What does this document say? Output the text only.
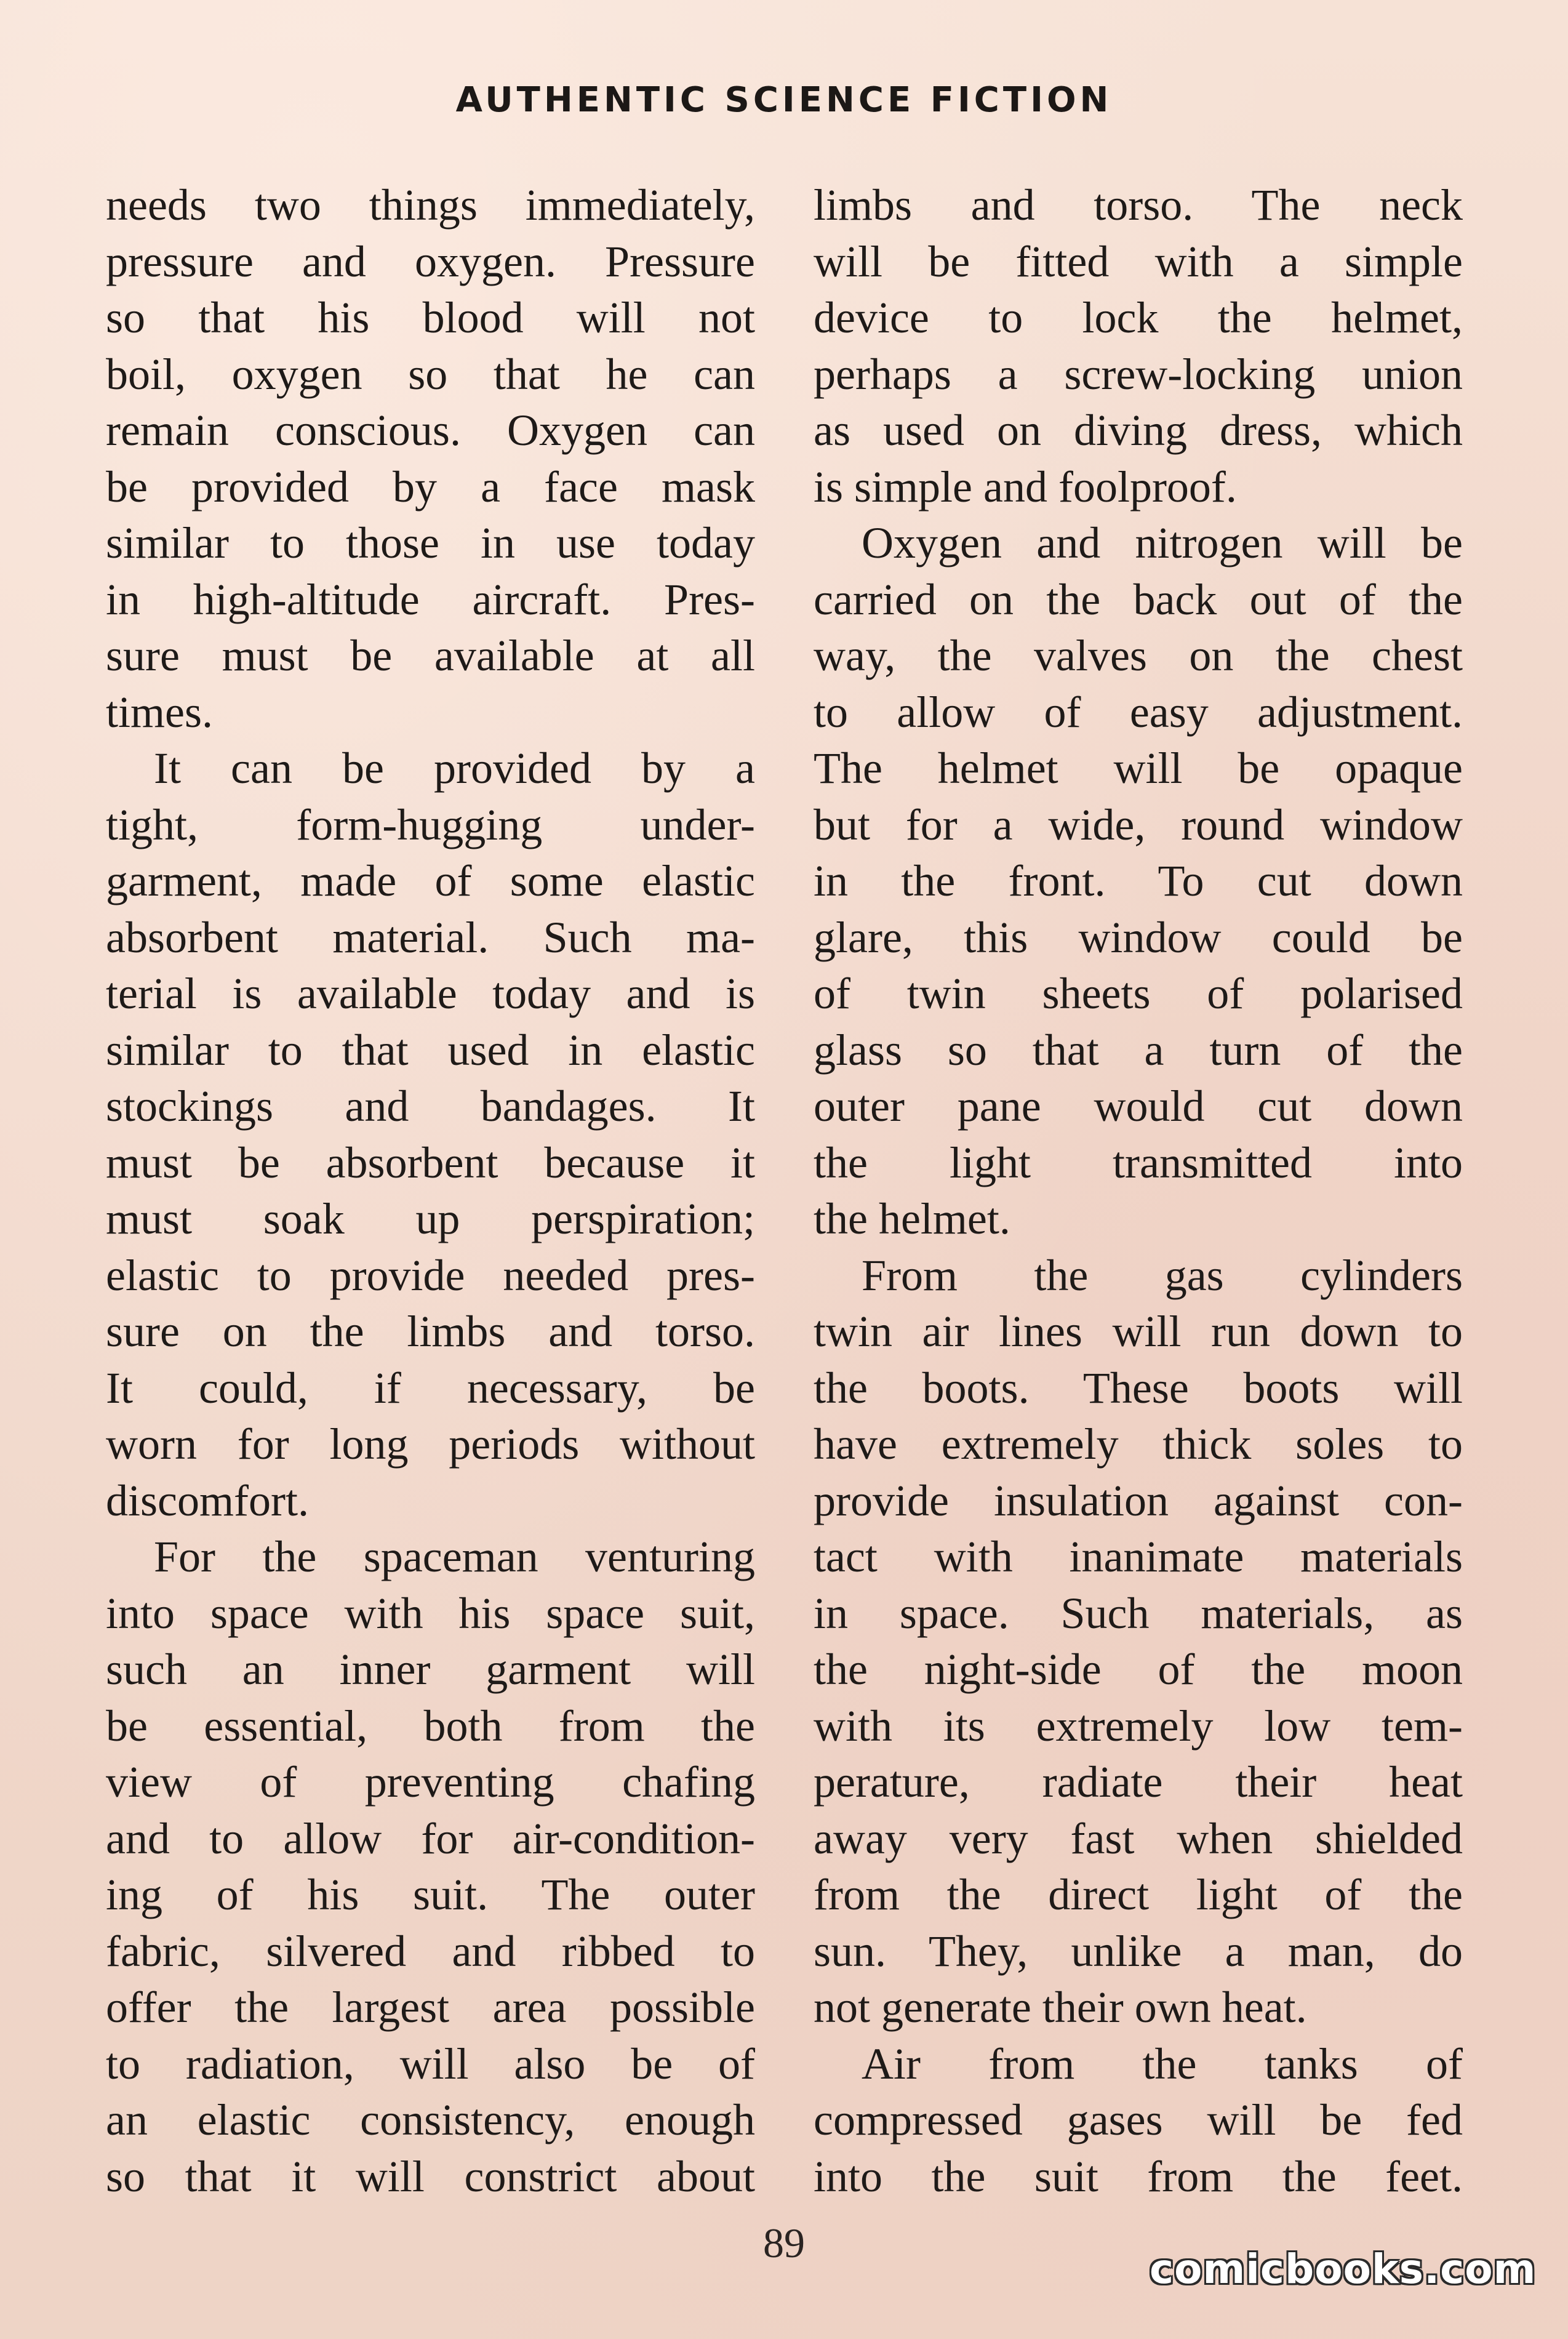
AUTHENTIC SCIENCE FICTION
needs two things immediately,
pressure and oxygen. Pressure
so that his blood will not
boil, oxygen so that he can
remain conscious. Oxygen can
be provided by a face mask
similar to those in use today
in high-altitude aircraft. Pres-
sure must be available at all
times.
It can be provided by a
tight, form-hugging under-
garment, made of some elastic
absorbent material. Such ma-
terial is available today and is
similar to that used in elastic
stockings and bandages. It
must be absorbent because it
must soak up perspiration;
elastic to provide needed pres-
sure on the limbs and torso.
It could, if necessary, be
worn for long periods without
discomfort.
For the spaceman venturing
into space with his space suit,
such an inner garment will
be essential, both from the
view of preventing chafing
and to allow for air-condition-
ing of his suit. The outer
fabric, silvered and ribbed to
offer the largest area possible
to radiation, will also be of
an elastic consistency, enough
so that it will constrict about
limbs and torso. The neck
will be fitted with a simple
device to lock the helmet,
perhaps a screw-locking union
as used on diving dress, which
is simple and foolproof.
Oxygen and nitrogen will be
carried on the back out of the
way, the valves on the chest
to allow of easy adjustment.
The helmet will be opaque
but for a wide, round window
in the front. To cut down
glare, this window could be
of twin sheets of polarised
glass so that a turn of the
outer pane would cut down
the light transmitted into
the helmet.
From the gas cylinders
twin air lines will run down to
the boots. These boots will
have extremely thick soles to
provide insulation against con-
tact with inanimate materials
in space. Such materials, as
the night-side of the moon
with its extremely low tem-
perature, radiate their heat
away very fast when shielded
from the direct light of the
sun. They, unlike a man, do
not generate their own heat.
Air from the tanks of
compressed gases will be fed
into the suit from the feet.
89
comicbooks.com
